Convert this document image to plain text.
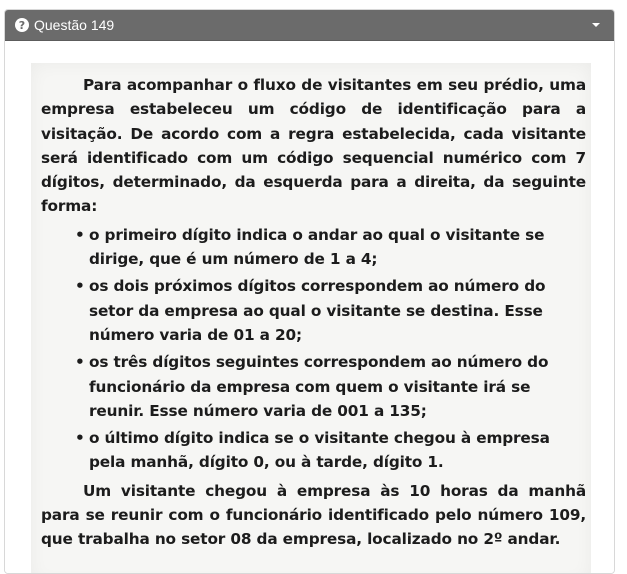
? Questão 149

Para acompanhar o fluxo de visitantes em seu prédio, uma empresa estabeleceu um código de identificação para a visitação. De acordo com a regra estabelecida, cada visitante será identificado com um código sequencial numérico com 7 dígitos, determinado, da esquerda para a direita, da seguinte forma:

• o primeiro dígito indica o andar ao qual o visitante se dirige, que é um número de 1 a 4;
• os dois próximos dígitos correspondem ao número do setor da empresa ao qual o visitante se destina. Esse número varia de 01 a 20;
• os três dígitos seguintes correspondem ao número do funcionário da empresa com quem o visitante irá se reunir. Esse número varia de 001 a 135;
• o último dígito indica se o visitante chegou à empresa pela manhã, dígito 0, ou à tarde, dígito 1.

Um visitante chegou à empresa às 10 horas da manhã para se reunir com o funcionário identificado pelo número 109, que trabalha no setor 08 da empresa, localizado no 2º andar.
